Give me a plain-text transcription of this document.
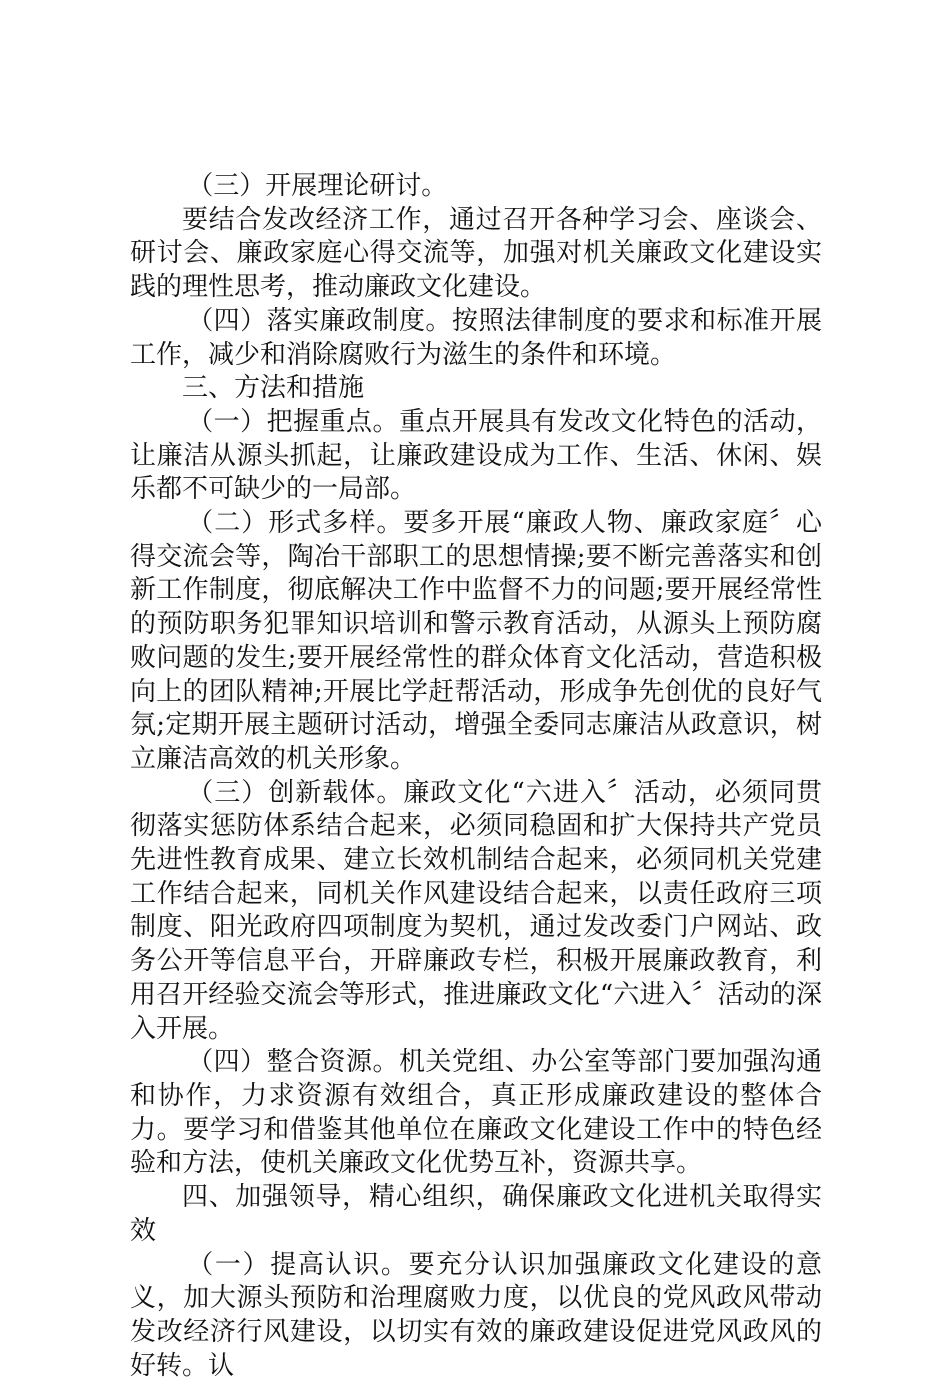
（三）开展理论研讨。

要结合发改经济工作，通过召开各种学习会、座谈会、研讨会、廉政家庭心得交流等，加强对机关廉政文化建设实践的理性思考，推动廉政文化建设。

（四）落实廉政制度。按照法律制度的要求和标准开展工作，减少和消除腐败行为滋生的条件和环境。

三、方法和措施

（一）把握重点。重点开展具有发改文化特色的活动，让廉洁从源头抓起，让廉政建设成为工作、生活、休闲、娱乐都不可缺少的一局部。

（二）形式多样。要多开展“廉政人物、廉政家庭〞心得交流会等，陶冶干部职工的思想情操;要不断完善落实和创新工作制度，彻底解决工作中监督不力的问题;要开展经常性的预防职务犯罪知识培训和警示教育活动，从源头上预防腐败问题的发生;要开展经常性的群众体育文化活动，营造积极向上的团队精神;开展比学赶帮活动，形成争先创优的良好气氛;定期开展主题研讨活动，增强全委同志廉洁从政意识，树立廉洁高效的机关形象。

（三）创新载体。廉政文化“六进入〞活动，必须同贯彻落实惩防体系结合起来，必须同稳固和扩大保持共产党员先进性教育成果、建立长效机制结合起来，必须同机关党建工作结合起来，同机关作风建设结合起来，以责任政府三项制度、阳光政府四项制度为契机，通过发改委门户网站、政务公开等信息平台，开辟廉政专栏，积极开展廉政教育，利用召开经验交流会等形式，推进廉政文化“六进入〞活动的深入开展。

（四）整合资源。机关党组、办公室等部门要加强沟通和协作，力求资源有效组合，真正形成廉政建设的整体合力。要学习和借鉴其他单位在廉政文化建设工作中的特色经验和方法，使机关廉政文化优势互补，资源共享。

四、加强领导，精心组织，确保廉政文化进机关取得实效

（一）提高认识。要充分认识加强廉政文化建设的意义，加大源头预防和治理腐败力度，以优良的党风政风带动发改经济行风建设，以切实有效的廉政建设促进党风政风的好转。认
